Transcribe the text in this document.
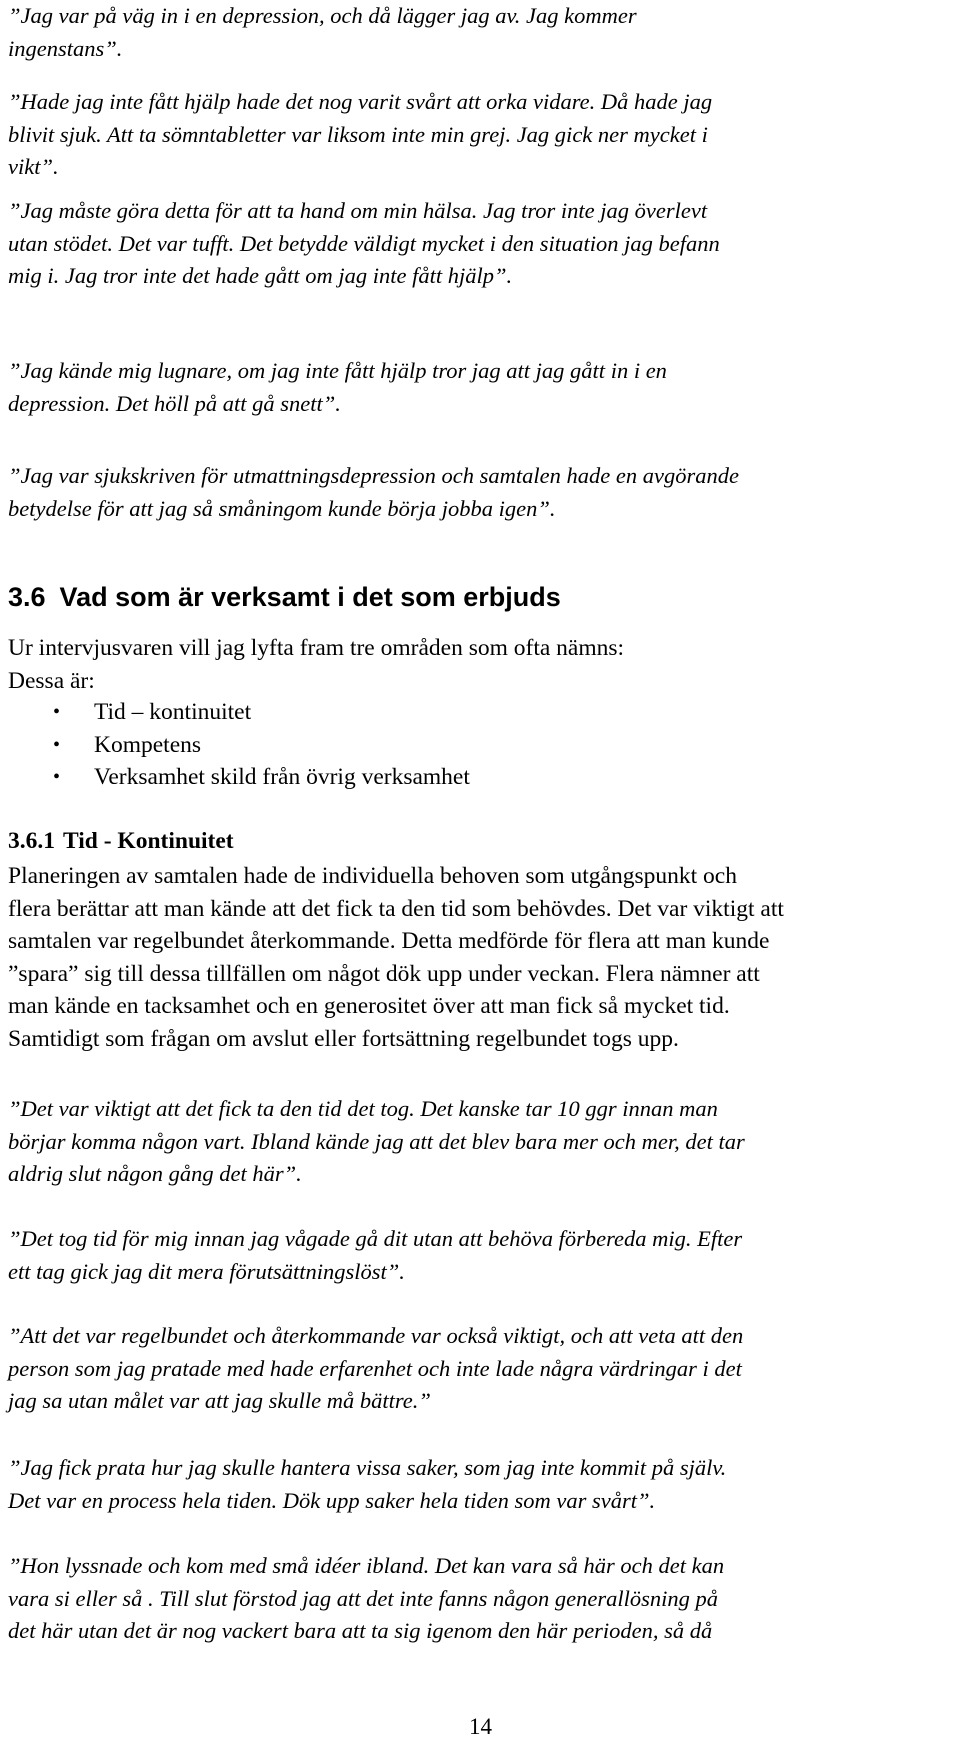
”Jag var på väg in i en depression, och då lägger jag av. Jag kommer
ingenstans”.

”Hade jag inte fått hjälp hade det nog varit svårt att orka vidare. Då hade jag
blivit sjuk. Att ta sömntabletter var liksom inte min grej. Jag gick ner mycket i
vikt”.

”Jag måste göra detta för att ta hand om min hälsa. Jag tror inte jag överlevt
utan stödet. Det var tufft. Det betydde väldigt mycket i den situation jag befann
mig i. Jag tror inte det hade gått om jag inte fått hjälp”.

”Jag kände mig lugnare, om jag inte fått hjälp tror jag att jag gått in i en
depression. Det höll på att gå snett”.

”Jag var sjukskriven för utmattningsdepression och samtalen hade en avgörande
betydelse för att jag så småningom kunde börja jobba igen”.

3.6 Vad som är verksamt i det som erbjuds

Ur intervjusvaren vill jag lyfta fram tre områden som ofta nämns:
Dessa är:

• Tid – kontinuitet
• Kompetens
• Verksamhet skild från övrig verksamhet
3.6.1 Tid - Kontinuitet

Planeringen av samtalen hade de individuella behoven som utgångspunkt och
flera berättar att man kände att det fick ta den tid som behövdes. Det var viktigt att
samtalen var regelbundet återkommande. Detta medförde för flera att man kunde
”spara” sig till dessa tillfällen om något dök upp under veckan. Flera nämner att
man kände en tacksamhet och en generositet över att man fick så mycket tid.
Samtidigt som frågan om avslut eller fortsättning regelbundet togs upp.

”Det var viktigt att det fick ta den tid det tog. Det kanske tar 10 ggr innan man
börjar komma någon vart. Ibland kände jag att det blev bara mer och mer, det tar
aldrig slut någon gång det här”.

”Det tog tid för mig innan jag vågade gå dit utan att behöva förbereda mig. Efter
ett tag gick jag dit mera förutsättningslöst”.

”Att det var regelbundet och återkommande var också viktigt, och att veta att den
person som jag pratade med hade erfarenhet och inte lade några värdringar i det
jag sa utan målet var att jag skulle må bättre.”

”Jag fick prata hur jag skulle hantera vissa saker, som jag inte kommit på själv.
Det var en process hela tiden. Dök upp saker hela tiden som var svårt”.

”Hon lyssnade och kom med små idéer ibland. Det kan vara så här och det kan
vara si eller så . Till slut förstod jag att det inte fanns någon generallösning på
det här utan det är nog vackert bara att ta sig igenom den här perioden, så då

14
